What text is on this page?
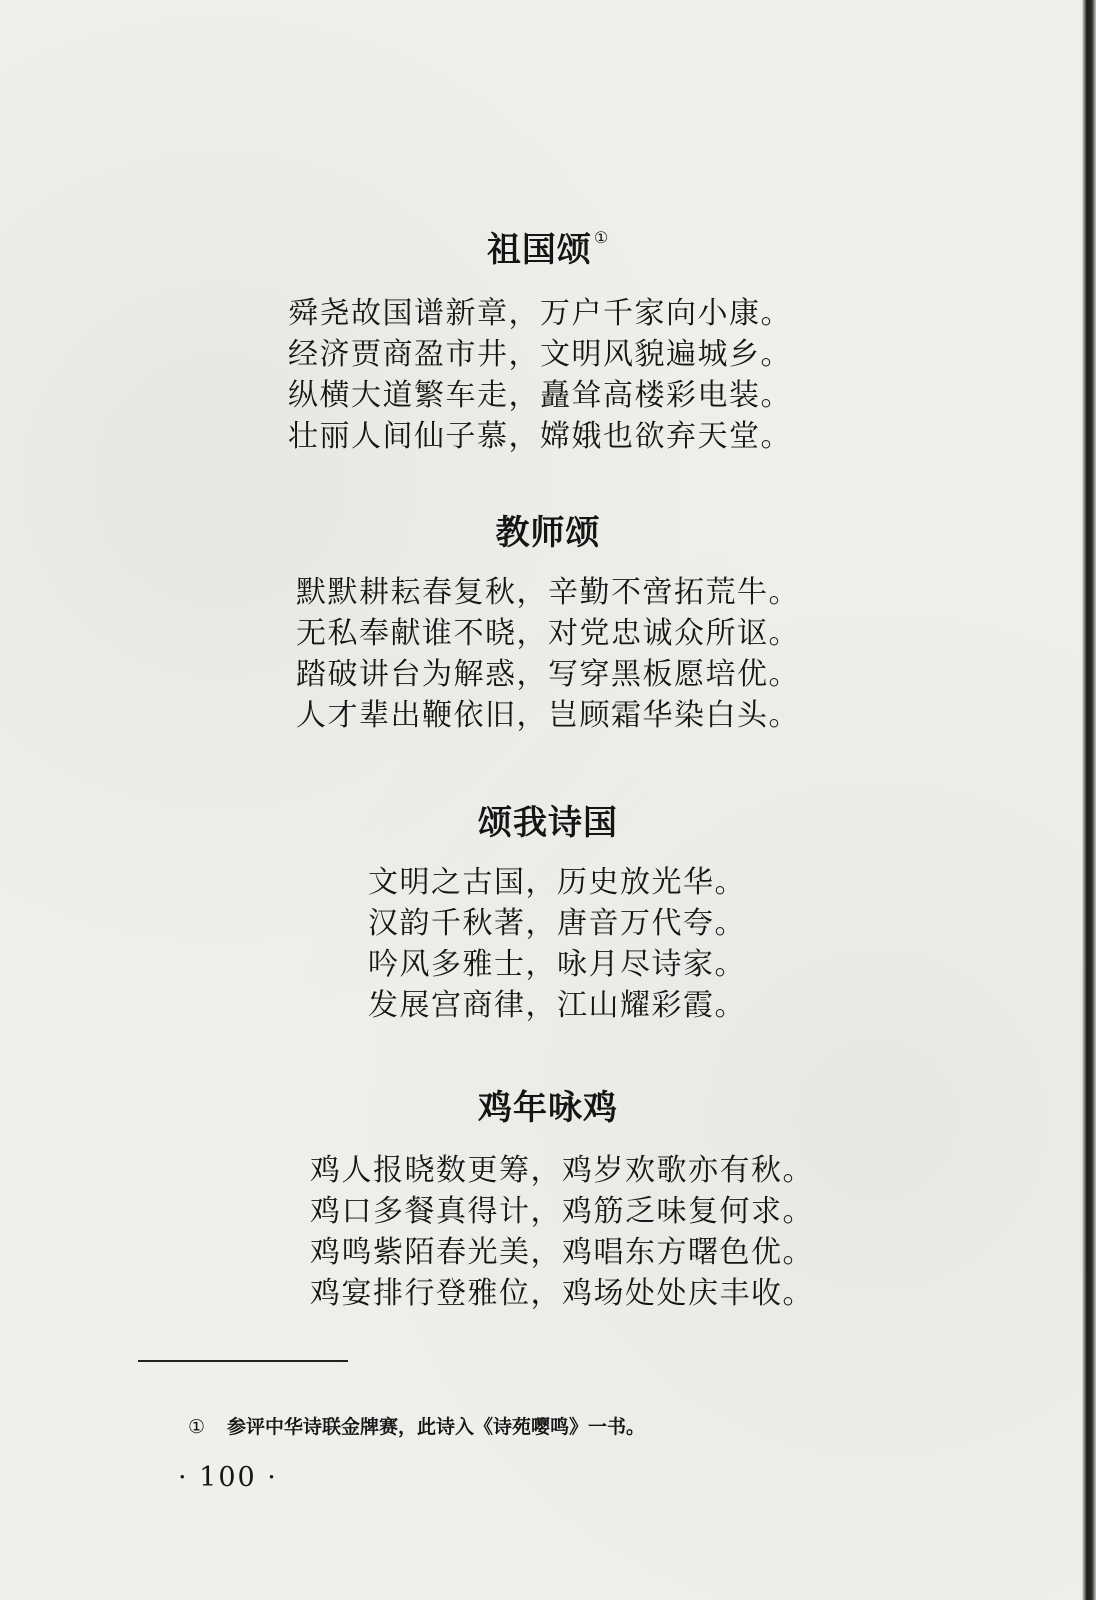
祖国颂 ①
舜尧故国谱新章，万户千家向小康。
经济贾商盈市井，文明风貌遍城乡。
纵横大道繁车走，矗耸高楼彩电装。
壮丽人间仙子慕，嫦娥也欲弃天堂。
教师颂
默默耕耘春复秋，辛勤不啻拓荒牛。
无私奉献谁不晓，对党忠诚众所讴。
踏破讲台为解惑，写穿黑板愿培优。
人才辈出鞭依旧，岂顾霜华染白头。
颂我诗国
文明之古国，历史放光华。
汉韵千秋著，唐音万代夸。
吟风多雅士，咏月尽诗家。
发展宫商律，江山耀彩霞。
鸡年咏鸡
鸡人报晓数更筹，鸡岁欢歌亦有秋。
鸡口多餐真得计，鸡筋乏味复何求。
鸡鸣紫陌春光美，鸡唱东方曙色优。
鸡宴排行登雅位，鸡场处处庆丰收。
① 参评中华诗联金牌赛，此诗入《诗苑嘤鸣》一书。
· 100 ·
